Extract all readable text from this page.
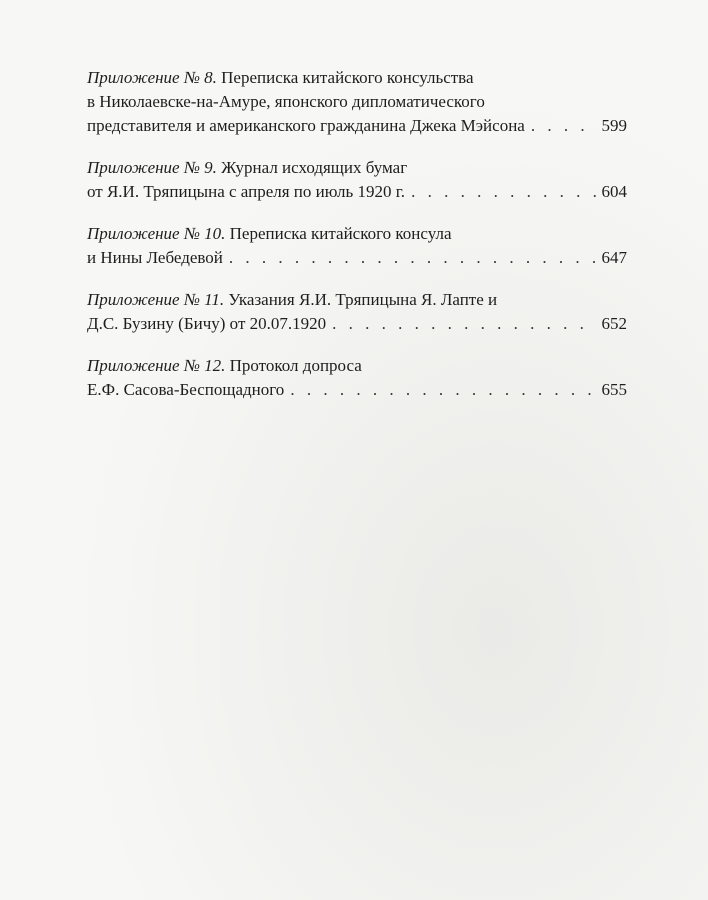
Приложение № 8. Переписка китайского консульства
в Николаевске-на-Амуре, японского дипломатического
представителя и американского гражданина Джека Мэйсона . . .	599
Приложение № 9. Журнал исходящих бумаг
от Я.И. Тряпицына с апреля по июль 1920 г. . . .	604
Приложение № 10. Переписка китайского консула
и Нины Лебедевой . . .	647
Приложение № 11. Указания Я.И. Тряпицына Я. Лапте и
Д.С. Бузину (Бичу) от 20.07.1920 . . .	652
Приложение № 12. Протокол допроса
Е.Ф. Сасова-Беспощадного . . .	655
